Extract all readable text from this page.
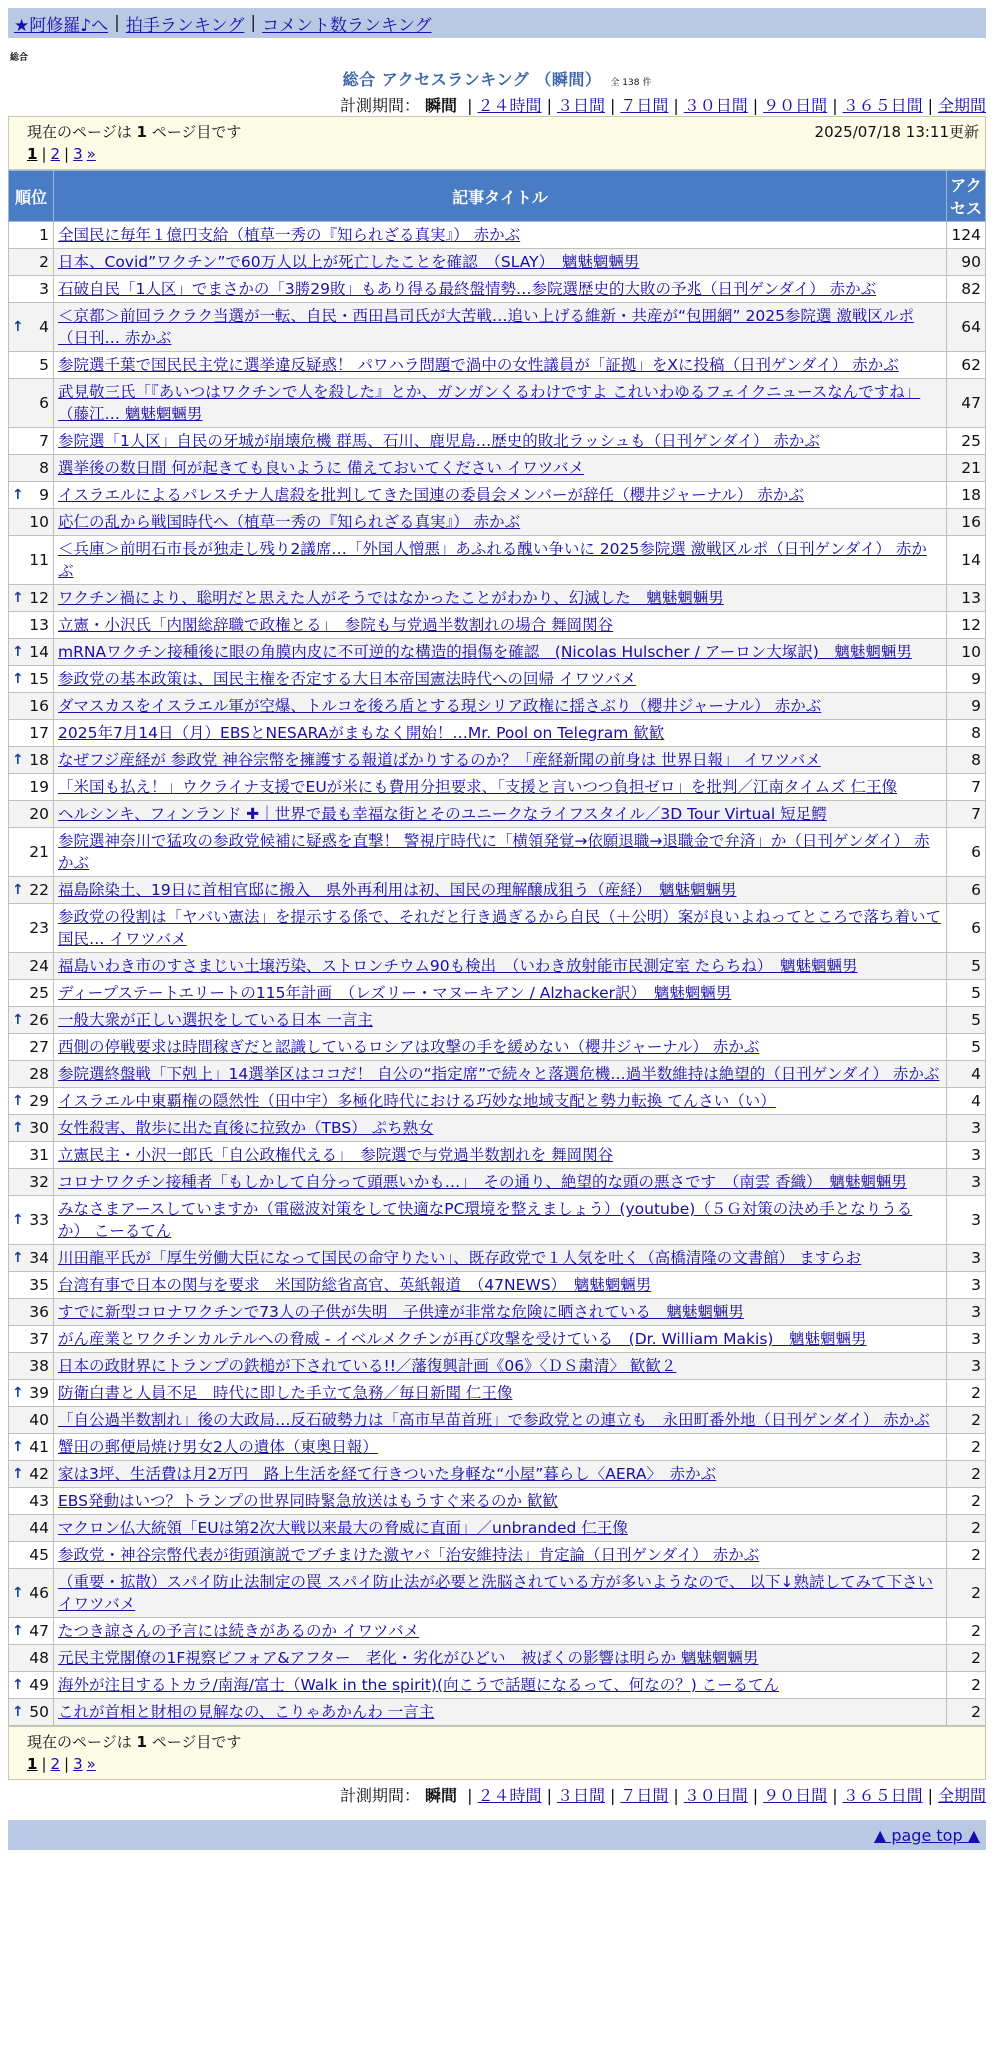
★阿修羅♪へ | 拍手ランキング | コメント数ランキング
総合
総合 アクセスランキング （瞬間） 全 138 件
計測期間： 瞬間 | ２４時間 | ３日間 | ７日間 | ３０日間 | ９０日間 | ３６５日間 | 全期間
現在のページは 1 ページ目です	2025/07/18 13:11更新
1 | 2 | 3 »
順位	記事タイトル	アクセス
1	全国民に毎年１億円支給（植草一秀の『知られざる真実』） 赤かぶ	124
2	日本、Covid”ワクチン”で60万人以上が死亡したことを確認　（SLAY）　魑魅魍魎男	90
3	石破自民「1人区」でまさかの「3勝29敗」もあり得る最終盤情勢…参院選歴史的大敗の予兆（日刊ゲンダイ） 赤かぶ	82

↑ 4	＜京都＞前回ラクラク当選が一転、自民・西田昌司氏が大苦戦…追い上げる維新・共産が“包囲網” 2025参院選 激戦区ルポ（日刊… 赤かぶ	64
5	参院選千葉で国民民主党に選挙違反疑惑！ パワハラ問題で渦中の女性議員が「証拠」をXに投稿（日刊ゲンダイ） 赤かぶ	62
6	武見敬三氏「『あいつはワクチンで人を殺した』とか、ガンガンくるわけですよ これいわゆるフェイクニュースなんですね」（藤江… 魑魅魍魎男	47
7	参院選「1人区」自民の牙城が崩壊危機 群馬、石川、鹿児島…歴史的敗北ラッシュも（日刊ゲンダイ） 赤かぶ	25
8	選挙後の数日間 何が起きても良いように 備えておいてください イワツバメ	21

↑ 9	イスラエルによるパレスチナ人虐殺を批判してきた国連の委員会メンバーが辞任（櫻井ジャーナル） 赤かぶ	18
10	応仁の乱から戦国時代へ（植草一秀の『知られざる真実』） 赤かぶ	16
11	＜兵庫＞前明石市長が独走し残り2議席…「外国人憎悪」あふれる醜い争いに 2025参院選 激戦区ルポ（日刊ゲンダイ） 赤かぶ	14

↑ 12	ワクチン禍により、聡明だと思えた人がそうではなかったことがわかり、幻滅した　魑魅魍魎男	13
13	立憲・小沢氏「内閣総辞職で政権とる」　参院も与党過半数割れの場合 舞岡関谷	12

↑ 14	mRNAワクチン接種後に眼の角膜内皮に不可逆的な構造的損傷を確認　(Nicolas Hulscher / アーロン大塚訳)　魑魅魍魎男	10

↑ 15	参政党の基本政策は、国民主権を否定する大日本帝国憲法時代への回帰 イワツバメ	9
16	ダマスカスをイスラエル軍が空爆、トルコを後ろ盾とする現シリア政権に揺さぶり（櫻井ジャーナル） 赤かぶ	9
17	2025年7月14日（月）EBSとNESARAがまもなく開始！…Mr. Pool on Telegram 歓歓	8

↑ 18	なぜフジ産経が 参政党 神谷宗幣を擁護する報道ばかりするのか？「産経新聞の前身は 世界日報」 イワツバメ	8
19	「米国も払え！」ウクライナ支援でEUが米にも費用分担要求、「支援と言いつつ負担ゼロ」を批判／江南タイムズ 仁王像	7
20	ヘルシンキ、フィンランド ✚｜世界で最も幸福な街とそのユニークなライフスタイル／3D Tour Virtual 短足鰐	7
21	参院選神奈川で猛攻の参政党候補に疑惑を直撃！ 警視庁時代に「横領発覚→依願退職→退職金で弁済」か（日刊ゲンダイ） 赤かぶ	6

↑ 22	福島除染土、19日に首相官邸に搬入　県外再利用は初、国民の理解醸成狙う（産経）　魑魅魍魎男	6
23	参政党の役割は「ヤバい憲法」を提示する係で、それだと行き過ぎるから自民（＋公明）案が良いよねってところで落ち着いて国民… イワツバメ	6
24	福島いわき市のすさまじい土壌汚染、ストロンチウム90も検出　（いわき放射能市民測定室 たらちね）　魑魅魍魎男	5
25	ディープステートエリートの115年計画　（レズリー・マヌーキアン / Alzhacker訳）　魑魅魍魎男	5

↑ 26	一般大衆が正しい選択をしている日本 一言主	5
27	西側の停戦要求は時間稼ぎだと認識しているロシアは攻撃の手を緩めない（櫻井ジャーナル） 赤かぶ	5
28	参院選終盤戦「下剋上」14選挙区はココだ！ 自公の“指定席”で続々と落選危機…過半数維持は絶望的（日刊ゲンダイ） 赤かぶ	4

↑ 29	イスラエル中東覇権の隠然性（田中宇）多極化時代における巧妙な地域支配と勢力転換 てんさい（い）	4

↑ 30	女性殺害、散歩に出た直後に拉致か（TBS） ぷち熟女	3
31	立憲民主・小沢一郎氏「自公政権代える」　参院選で与党過半数割れを 舞岡関谷	3
32	コロナワクチン接種者「もしかして自分って頭悪いかも…」　その通り、絶望的な頭の悪さです　（南雲 香織）　魑魅魍魎男	3

↑ 33	みなさまアースしていますか（電磁波対策をして快適なPC環境を整えましょう）(youtube)（５Ｇ対策の決め手となりうるか） こーるてん	3

↑ 34	川田龍平氏が「厚生労働大臣になって国民の命守りたい」、既存政党で１人気を吐く（高橋清隆の文書館） ますらお	3
35	台湾有事で日本の関与を要求　米国防総省高官、英紙報道　（47NEWS）　魑魅魍魎男	3
36	すでに新型コロナワクチンで73人の子供が失明　子供達が非常な危険に晒されている　魑魅魍魎男	3
37	がん産業とワクチンカルテルへの脅威 - イベルメクチンが再び攻撃を受けている　(Dr. William Makis)　魑魅魍魎男	3
38	日本の政財界にトランプの鉄槌が下されている!!／藩復興計画《06》〈ＤＳ粛清〉 歓歓２	3

↑ 39	防衛白書と人員不足　時代に即した手立て急務／毎日新聞 仁王像	2
40	「自公過半数割れ」後の大政局…反石破勢力は「高市早苗首班」で参政党との連立も　永田町番外地（日刊ゲンダイ） 赤かぶ	2

↑ 41	蟹田の郵便局焼け男女2人の遺体（東奥日報）	2

↑ 42	家は3坪、生活費は月2万円　路上生活を経て行きついた身軽な“小屋”暮らし〈AERA〉　赤かぶ	2
43	EBS発動はいつ？トランプの世界同時緊急放送はもうすぐ来るのか 歓歓	2
44	マクロン仏大統領「EUは第2次大戦以来最大の脅威に直面」／unbranded 仁王像	2
45	参政党・神谷宗幣代表が街頭演説でブチまけた激ヤバ「治安維持法」肯定論（日刊ゲンダイ） 赤かぶ	2

↑ 46	（重要・拡散）スパイ防止法制定の罠 スパイ防止法が必要と洗脳されている方が多いようなので、 以下↓熟読してみて下さい イワツバメ	2

↑ 47	たつき諒さんの予言には続きがあるのか イワツバメ	2
48	元民主党閣僚の1F視察ビフォア&アフター　老化・劣化がひどい　被ばくの影響は明らか 魑魅魍魎男	2

↑ 49	海外が注目するトカラ/南海/富士（Walk in the spirit)(向こうで話題になるって、何なの？) こーるてん	2

↑ 50	これが首相と財相の見解なの、こりゃあかんわ 一言主	2
現在のページは 1 ページ目です
1 | 2 | 3 »
計測期間： 瞬間 | ２４時間 | ３日間 | ７日間 | ３０日間 | ９０日間 | ３６５日間 | 全期間
▲ page top ▲
